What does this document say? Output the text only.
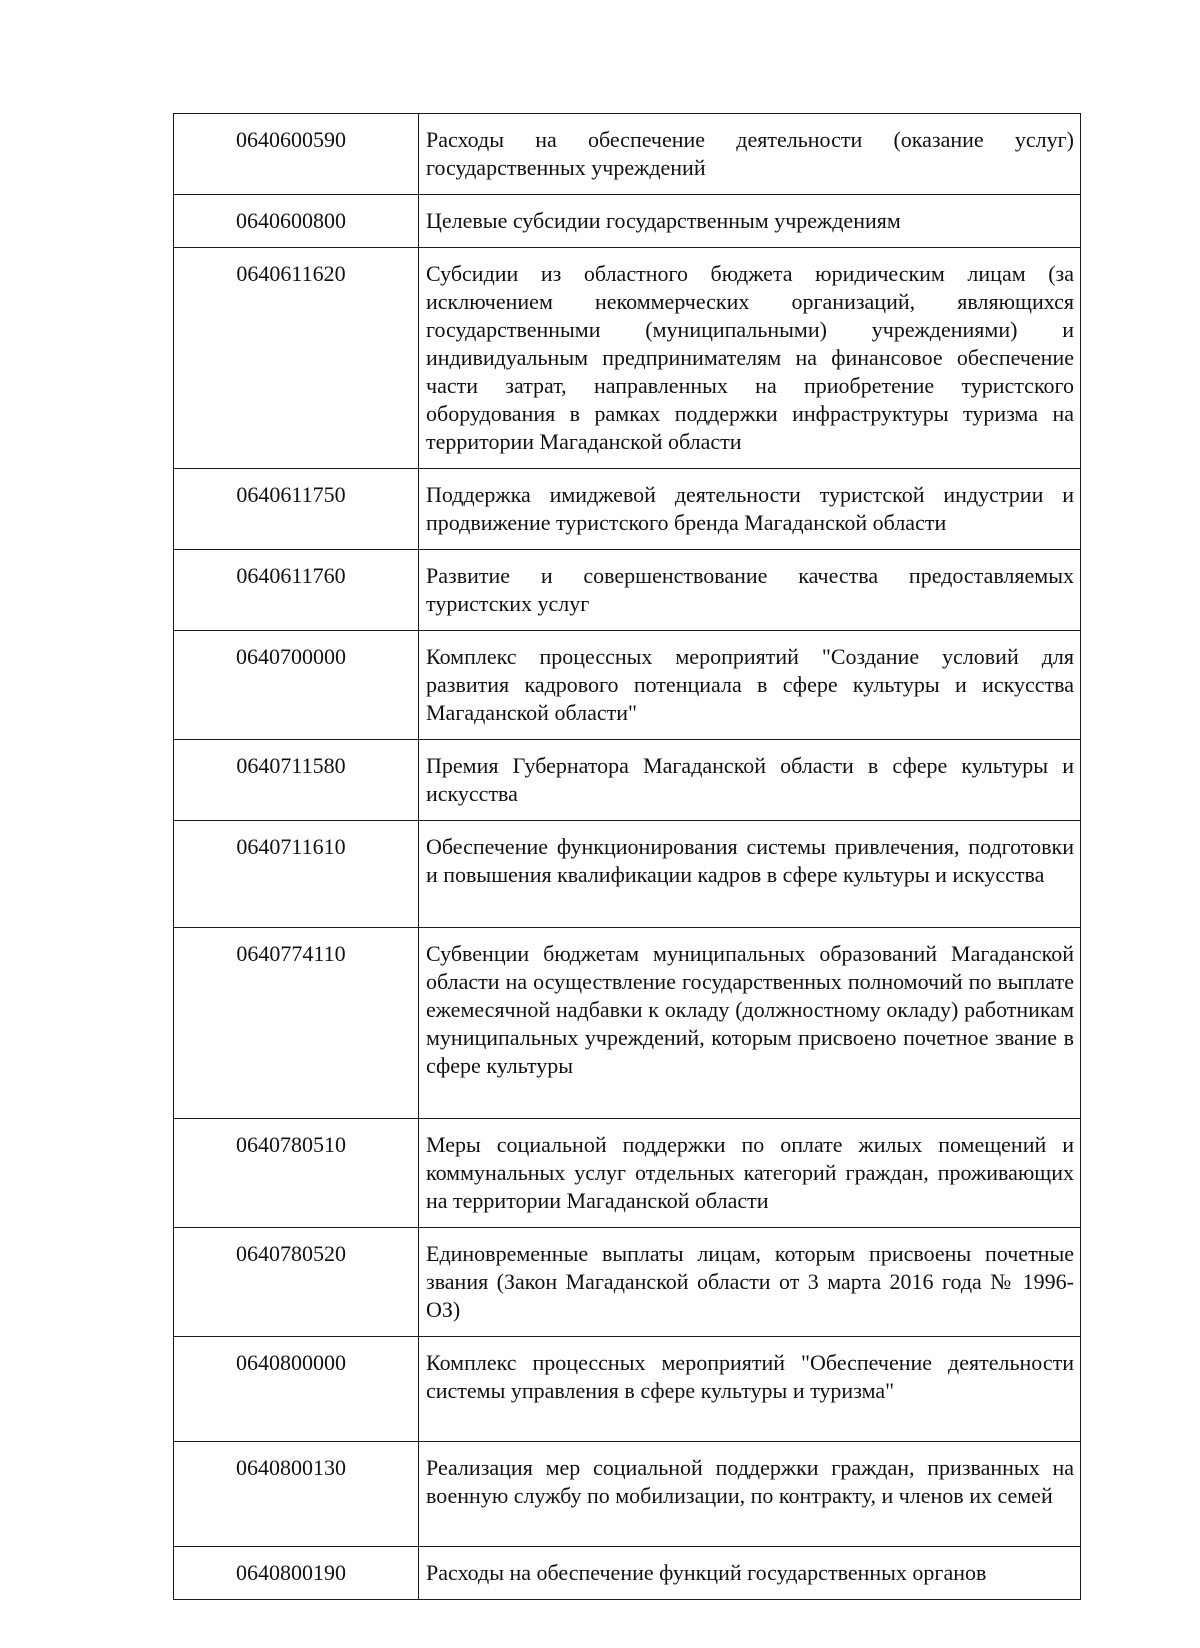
0640600590	Расходы на обеспечение деятельности (оказание услуг) государственных учреждений
0640600800	Целевые субсидии государственным учреждениям
0640611620	Субсидии из областного бюджета юридическим лицам (за исключением некоммерческих организаций, являющихся государственными (муниципальными) учреждениями) и индивидуальным предпринимателям на финансовое обеспечение части затрат, направленных на приобретение туристского оборудования в рамках поддержки инфраструктуры туризма на территории Магаданской области
0640611750	Поддержка имиджевой деятельности туристской индустрии и продвижение туристского бренда Магаданской области
0640611760	Развитие и совершенствование качества предоставляемых туристских услуг
0640700000	Комплекс процессных мероприятий "Создание условий для развития кадрового потенциала в сфере культуры и искусства Магаданской области"
0640711580	Премия Губернатора Магаданской области в сфере культуры и искусства
0640711610	Обеспечение функционирования системы привлечения, подготовки и повышения квалификации кадров в сфере культуры и искусства
0640774110	Субвенции бюджетам муниципальных образований Магаданской области на осуществление государственных полномочий по выплате ежемесячной надбавки к окладу (должностному окладу) работникам муниципальных учреждений, которым присвоено почетное звание в сфере культуры
0640780510	Меры социальной поддержки по оплате жилых помещений и коммунальных услуг отдельных категорий граждан, проживающих на территории Магаданской области
0640780520	Единовременные выплаты лицам, которым присвоены почетные звания (Закон Магаданской области от 3 марта 2016 года № 1996-ОЗ)
0640800000	Комплекс процессных мероприятий "Обеспечение деятельности системы управления в сфере культуры и туризма"
0640800130	Реализация мер социальной поддержки граждан, призванных на военную службу по мобилизации, по контракту, и членов их семей
0640800190	Расходы на обеспечение функций государственных органов
